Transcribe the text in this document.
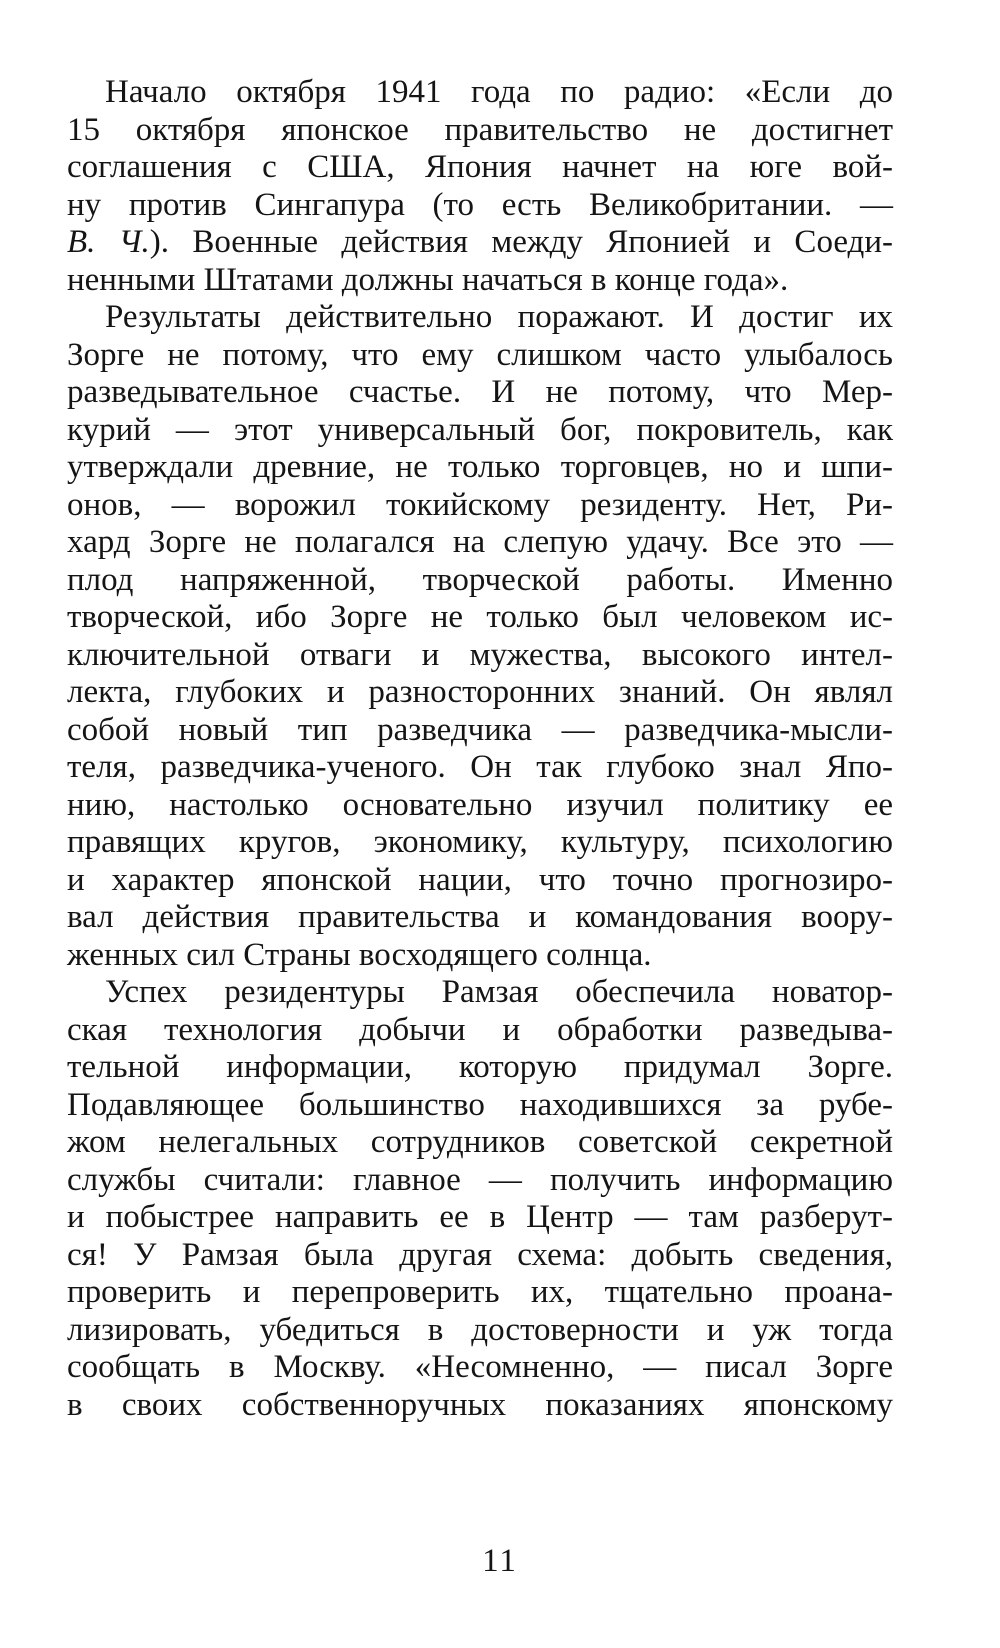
Начало октября 1941 года по радио: «Если до
15 октября японское правительство не достигнет
соглашения с США, Япония начнет на юге вой-
ну против Сингапура (то есть Великобритании. —
В. Ч.). Военные действия между Японией и Соеди-
ненными Штатами должны начаться в конце года».
Результаты действительно поражают. И достиг их
Зорге не потому, что ему слишком часто улыбалось
разведывательное счастье. И не потому, что Мер-
курий — этот универсальный бог, покровитель, как
утверждали древние, не только торговцев, но и шпи-
онов, — ворожил токийскому резиденту. Нет, Ри-
хард Зорге не полагался на слепую удачу. Все это —
плод напряженной, творческой работы. Именно
творческой, ибо Зорге не только был человеком ис-
ключительной отваги и мужества, высокого интел-
лекта, глубоких и разносторонних знаний. Он являл
собой новый тип разведчика — разведчика-мысли-
теля, разведчика-ученого. Он так глубоко знал Япо-
нию, настолько основательно изучил политику ее
правящих кругов, экономику, культуру, психологию
и характер японской нации, что точно прогнозиро-
вал действия правительства и командования воору-
женных сил Страны восходящего солнца.
Успех резидентуры Рамзая обеспечила новатор-
ская технология добычи и обработки разведыва-
тельной информации, которую придумал Зорге.
Подавляющее большинство находившихся за рубе-
жом нелегальных сотрудников советской секретной
службы считали: главное — получить информацию
и побыстрее направить ее в Центр — там разберут-
ся! У Рамзая была другая схема: добыть сведения,
проверить и перепроверить их, тщательно проана-
лизировать, убедиться в достоверности и уж тогда
сообщать в Москву. «Несомненно, — писал Зорге
в своих собственноручных показаниях японскому
11
